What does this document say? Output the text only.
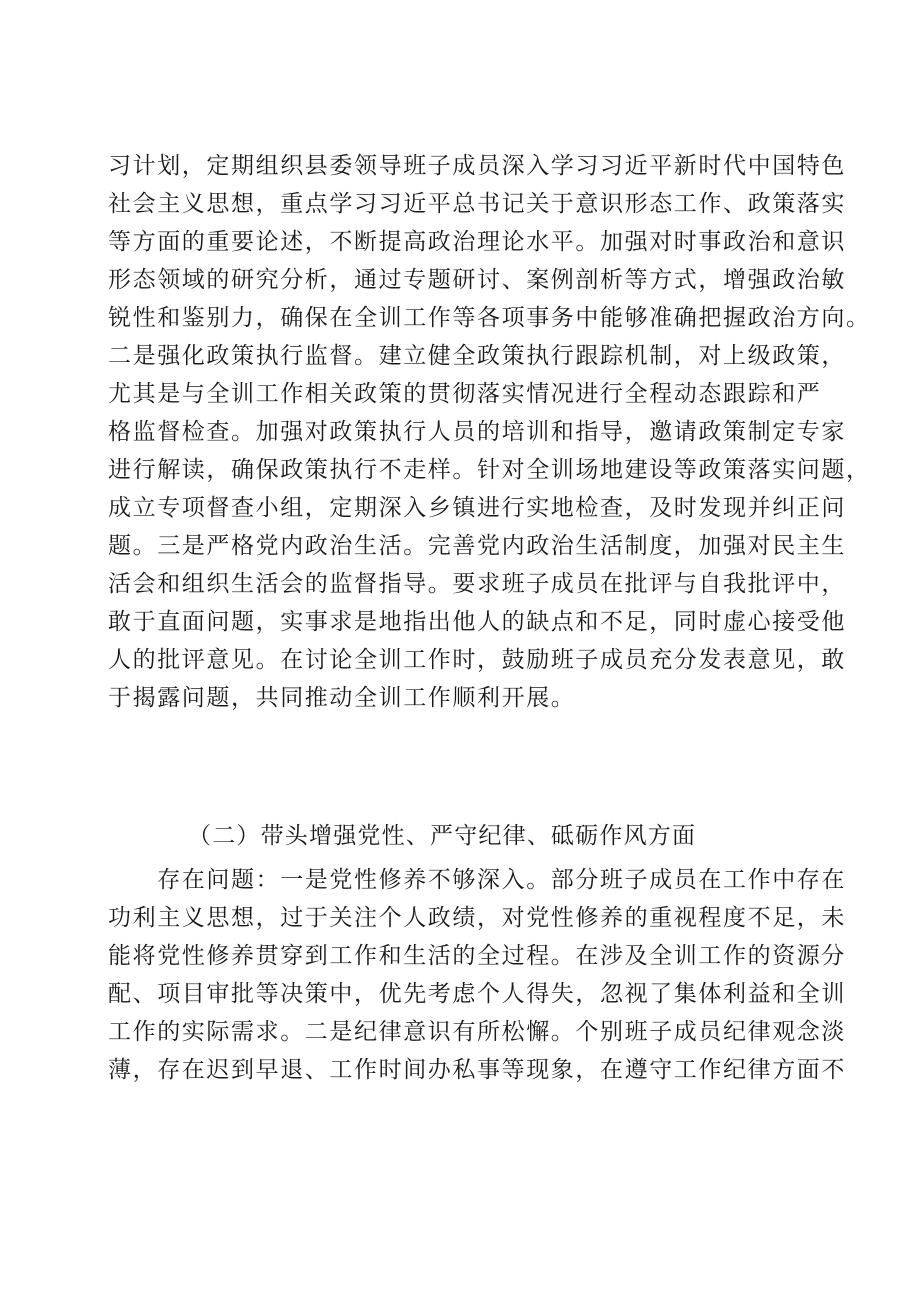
习计划，定期组织县委领导班子成员深入学习习近平新时代中国特色
社会主义思想，重点学习习近平总书记关于意识形态工作、政策落实
等方面的重要论述，不断提高政治理论水平。加强对时事政治和意识
形态领域的研究分析，通过专题研讨、案例剖析等方式，增强政治敏
锐性和鉴别力，确保在全训工作等各项事务中能够准确把握政治方向。
二是强化政策执行监督。建立健全政策执行跟踪机制，对上级政策，
尤其是与全训工作相关政策的贯彻落实情况进行全程动态跟踪和严
格监督检查。加强对政策执行人员的培训和指导，邀请政策制定专家
进行解读，确保政策执行不走样。针对全训场地建设等政策落实问题，
成立专项督查小组，定期深入乡镇进行实地检查，及时发现并纠正问
题。三是严格党内政治生活。完善党内政治生活制度，加强对民主生
活会和组织生活会的监督指导。要求班子成员在批评与自我批评中，
敢于直面问题，实事求是地指出他人的缺点和不足，同时虚心接受他
人的批评意见。在讨论全训工作时，鼓励班子成员充分发表意见，敢
于揭露问题，共同推动全训工作顺利开展。
（二）带头增强党性、严守纪律、砥砺作风方面
　　存在问题：一是党性修养不够深入。部分班子成员在工作中存在
功利主义思想，过于关注个人政绩，对党性修养的重视程度不足，未
能将党性修养贯穿到工作和生活的全过程。在涉及全训工作的资源分
配、项目审批等决策中，优先考虑个人得失，忽视了集体利益和全训
工作的实际需求。二是纪律意识有所松懈。个别班子成员纪律观念淡
薄，存在迟到早退、工作时间办私事等现象，在遵守工作纪律方面不
